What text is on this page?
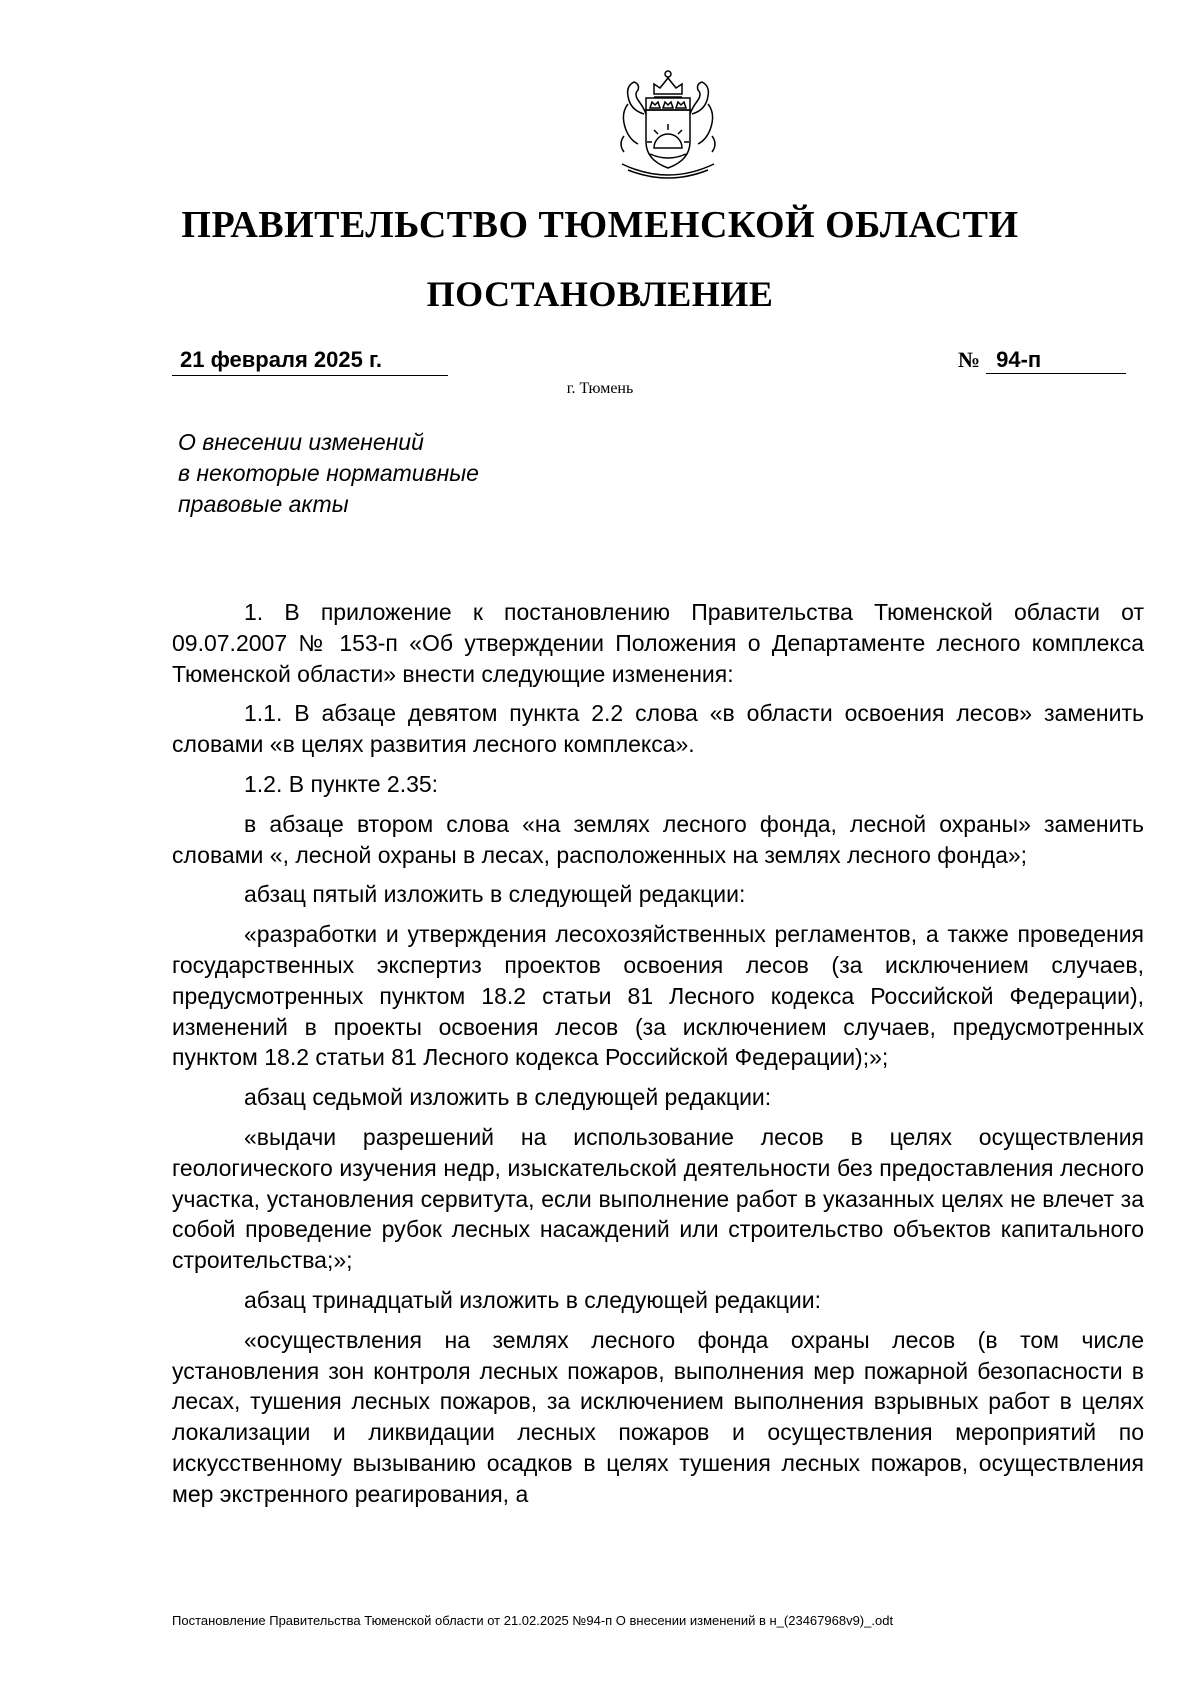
ПРАВИТЕЛЬСТВО ТЮМЕНСКОЙ ОБЛАСТИ
ПОСТАНОВЛЕНИЕ
21 февраля 2025 г.	№ 94-п
г. Тюмень
О внесении изменений
в некоторые нормативные
правовые акты

1. В приложение к постановлению Правительства Тюменской области от 09.07.2007 № 153-п «Об утверждении Положения о Департаменте лесного комплекса Тюменской области» внести следующие изменения:

1.1. В абзаце девятом пункта 2.2 слова «в области освоения лесов» заменить словами «в целях развития лесного комплекса».

1.2. В пункте 2.35:

в абзаце втором слова «на землях лесного фонда, лесной охраны» заменить словами «, лесной охраны в лесах, расположенных на землях лесного фонда»;

абзац пятый изложить в следующей редакции:

«разработки и утверждения лесохозяйственных регламентов, а также проведения государственных экспертиз проектов освоения лесов (за исключением случаев, предусмотренных пунктом 18.2 статьи 81 Лесного кодекса Российской Федерации), изменений в проекты освоения лесов (за исключением случаев, предусмотренных пунктом 18.2 статьи 81 Лесного кодекса Российской Федерации);»;

абзац седьмой изложить в следующей редакции:

«выдачи разрешений на использование лесов в целях осуществления геологического изучения недр, изыскательской деятельности без предоставления лесного участка, установления сервитута, если выполнение работ в указанных целях не влечет за собой проведение рубок лесных насаждений или строительство объектов капитального строительства;»;

абзац тринадцатый изложить в следующей редакции:

«осуществления на землях лесного фонда охраны лесов (в том числе установления зон контроля лесных пожаров, выполнения мер пожарной безопасности в лесах, тушения лесных пожаров, за исключением выполнения взрывных работ в целях локализации и ликвидации лесных пожаров и осуществления мероприятий по искусственному вызыванию осадков в целях тушения лесных пожаров, осуществления мер экстренного реагирования, а

Постановление Правительства Тюменской области от 21.02.2025 №94-п О внесении изменений в н_(23467968v9)_.odt
